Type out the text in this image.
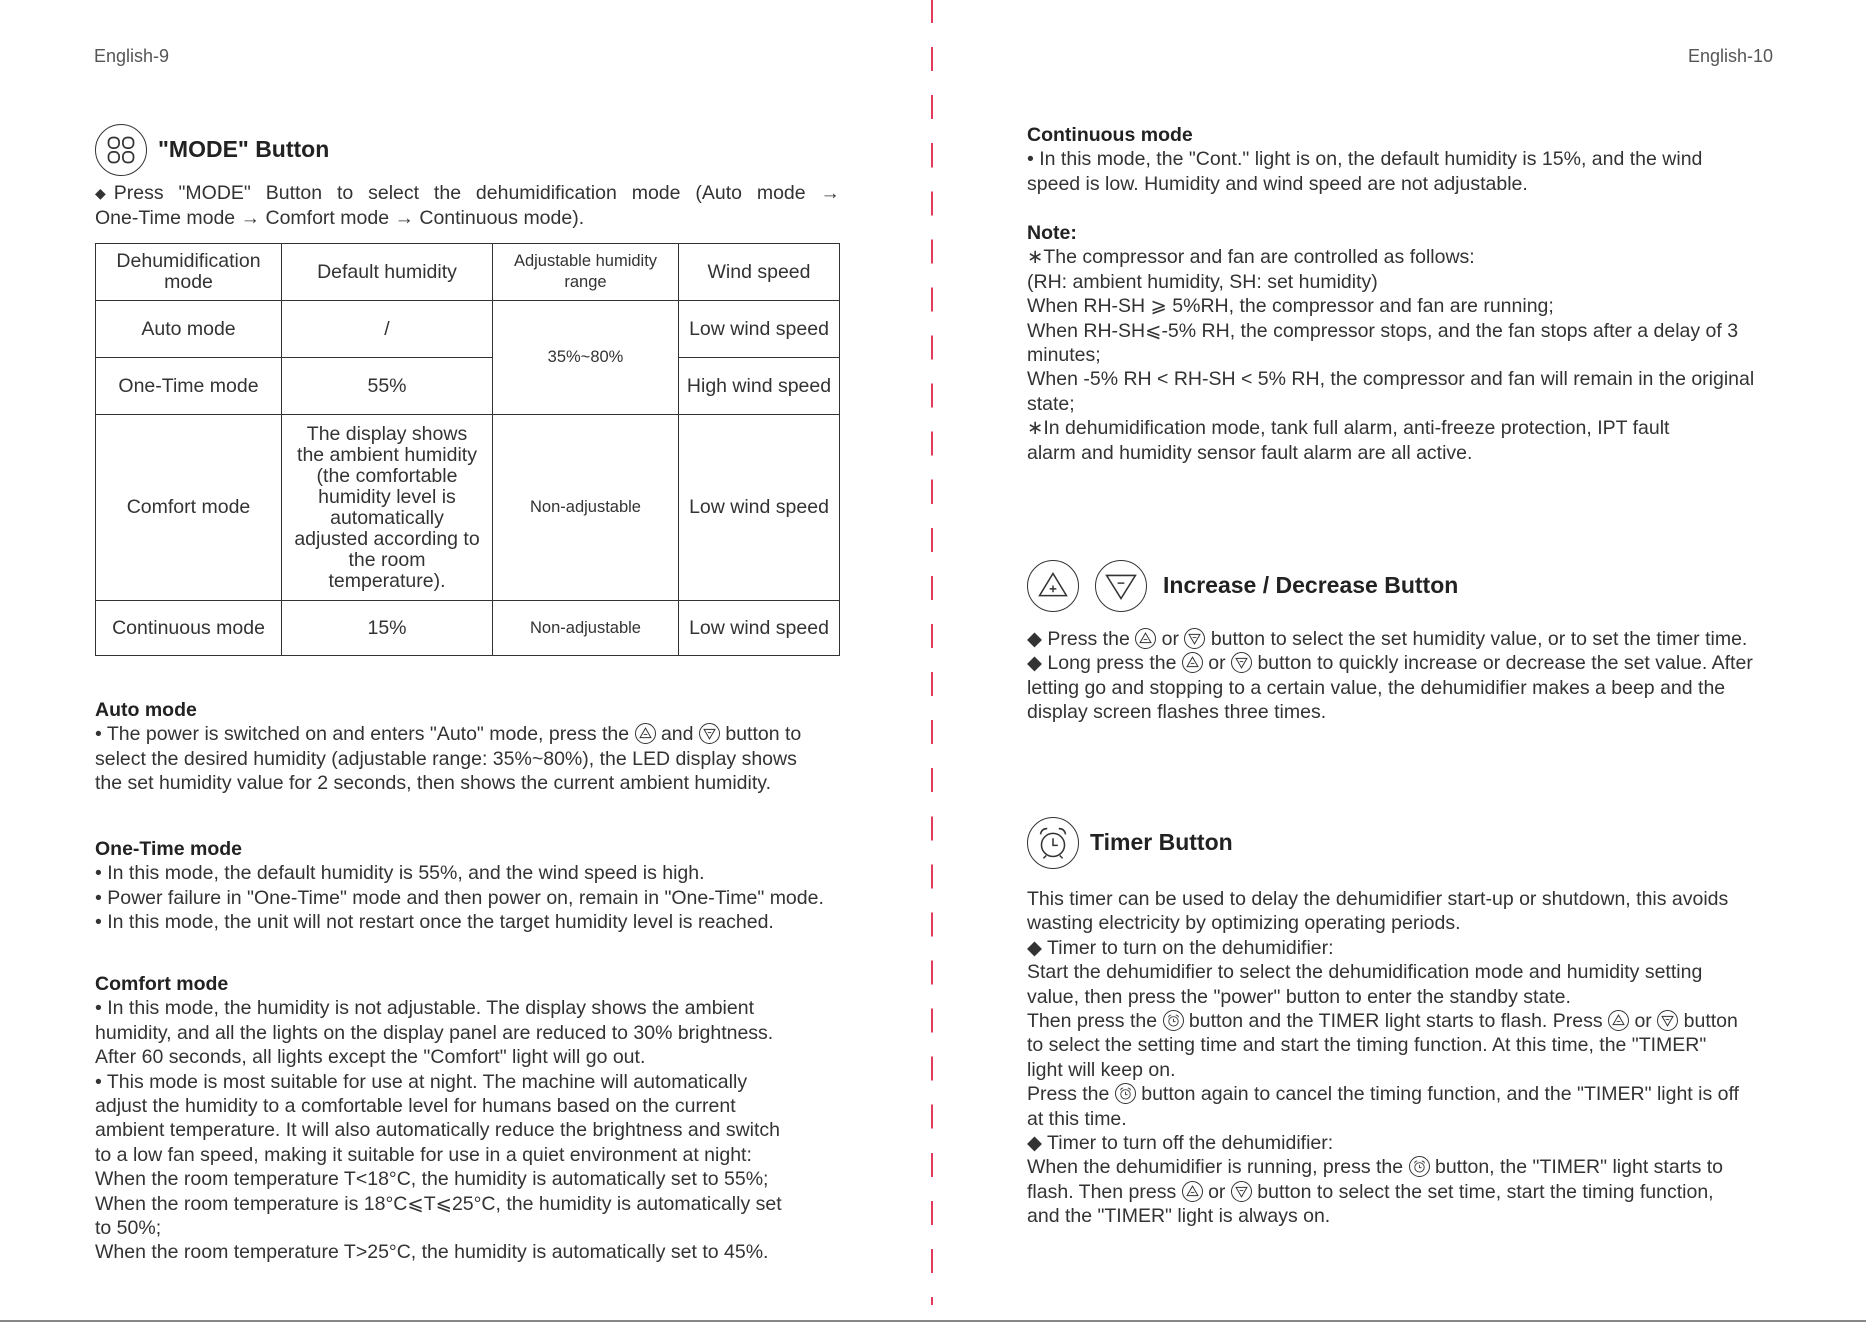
English-9
"MODE" Button

◆ Press "MODE" Button to select the dehumidification mode (Auto mode →

One-Time mode → Comfort mode → Continuous mode).

Dehumidification mode	Default humidity	Adjustable humidity range	Wind speed
Auto mode	/	35%~80%	Low wind speed
One-Time mode	55%		High wind speed
Comfort mode	The display shows the ambient humidity (the comfortable humidity level is automatically adjusted according to the room temperature).	Non-adjustable	Low wind speed
Continuous mode	15%	Non-adjustable	Low wind speed

Auto mode

• The power is switched on and enters "Auto" mode, press the and button to

select the desired humidity (adjustable range: 35%~80%), the LED display shows

the set humidity value for 2 seconds, then shows the current ambient humidity.

One-Time mode

• In this mode, the default humidity is 55%, and the wind speed is high.

• Power failure in "One-Time" mode and then power on, remain in "One-Time" mode.

• In this mode, the unit will not restart once the target humidity level is reached.

Comfort mode

• In this mode, the humidity is not adjustable. The display shows the ambient

humidity, and all the lights on the display panel are reduced to 30% brightness.

After 60 seconds, all lights except the "Comfort" light will go out.

• This mode is most suitable for use at night. The machine will automatically

adjust the humidity to a comfortable level for humans based on the current

ambient temperature. It will also automatically reduce the brightness and switch

to a low fan speed, making it suitable for use in a quiet environment at night:

When the room temperature T<18°C, the humidity is automatically set to 55%;

When the room temperature is 18°C⩽T⩽25°C, the humidity is automatically set

to 50%;

When the room temperature T>25°C, the humidity is automatically set to 45%.

English-10

Continuous mode

• In this mode, the "Cont." light is on, the default humidity is 15%, and the wind

speed is low. Humidity and wind speed are not adjustable.

Note:

∗The compressor and fan are controlled as follows:

(RH: ambient humidity, SH: set humidity)

When RH-SH ⩾ 5%RH, the compressor and fan are running;

When RH-SH⩽-5% RH, the compressor stops, and the fan stops after a delay of 3

minutes;

When -5% RH < RH-SH < 5% RH, the compressor and fan will remain in the original

state;

∗In dehumidification mode, tank full alarm, anti-freeze protection, IPT fault

alarm and humidity sensor fault alarm are all active.

Increase / Decrease Button

◆ Press the or button to select the set humidity value, or to set the timer time.

◆ Long press the or button to quickly increase or decrease the set value. After

letting go and stopping to a certain value, the dehumidifier makes a beep and the

display screen flashes three times.

Timer Button

This timer can be used to delay the dehumidifier start-up or shutdown, this avoids

wasting electricity by optimizing operating periods.

◆ Timer to turn on the dehumidifier:

Start the dehumidifier to select the dehumidification mode and humidity setting

value, then press the "power" button to enter the standby state.

Then press the button and the TIMER light starts to flash. Press or button

to select the setting time and start the timing function. At this time, the "TIMER"

light will keep on.

Press the button again to cancel the timing function, and the "TIMER" light is off

at this time.

◆ Timer to turn off the dehumidifier:

When the dehumidifier is running, press the button, the "TIMER" light starts to

flash. Then press or button to select the set time, start the timing function,

and the "TIMER" light is always on.
